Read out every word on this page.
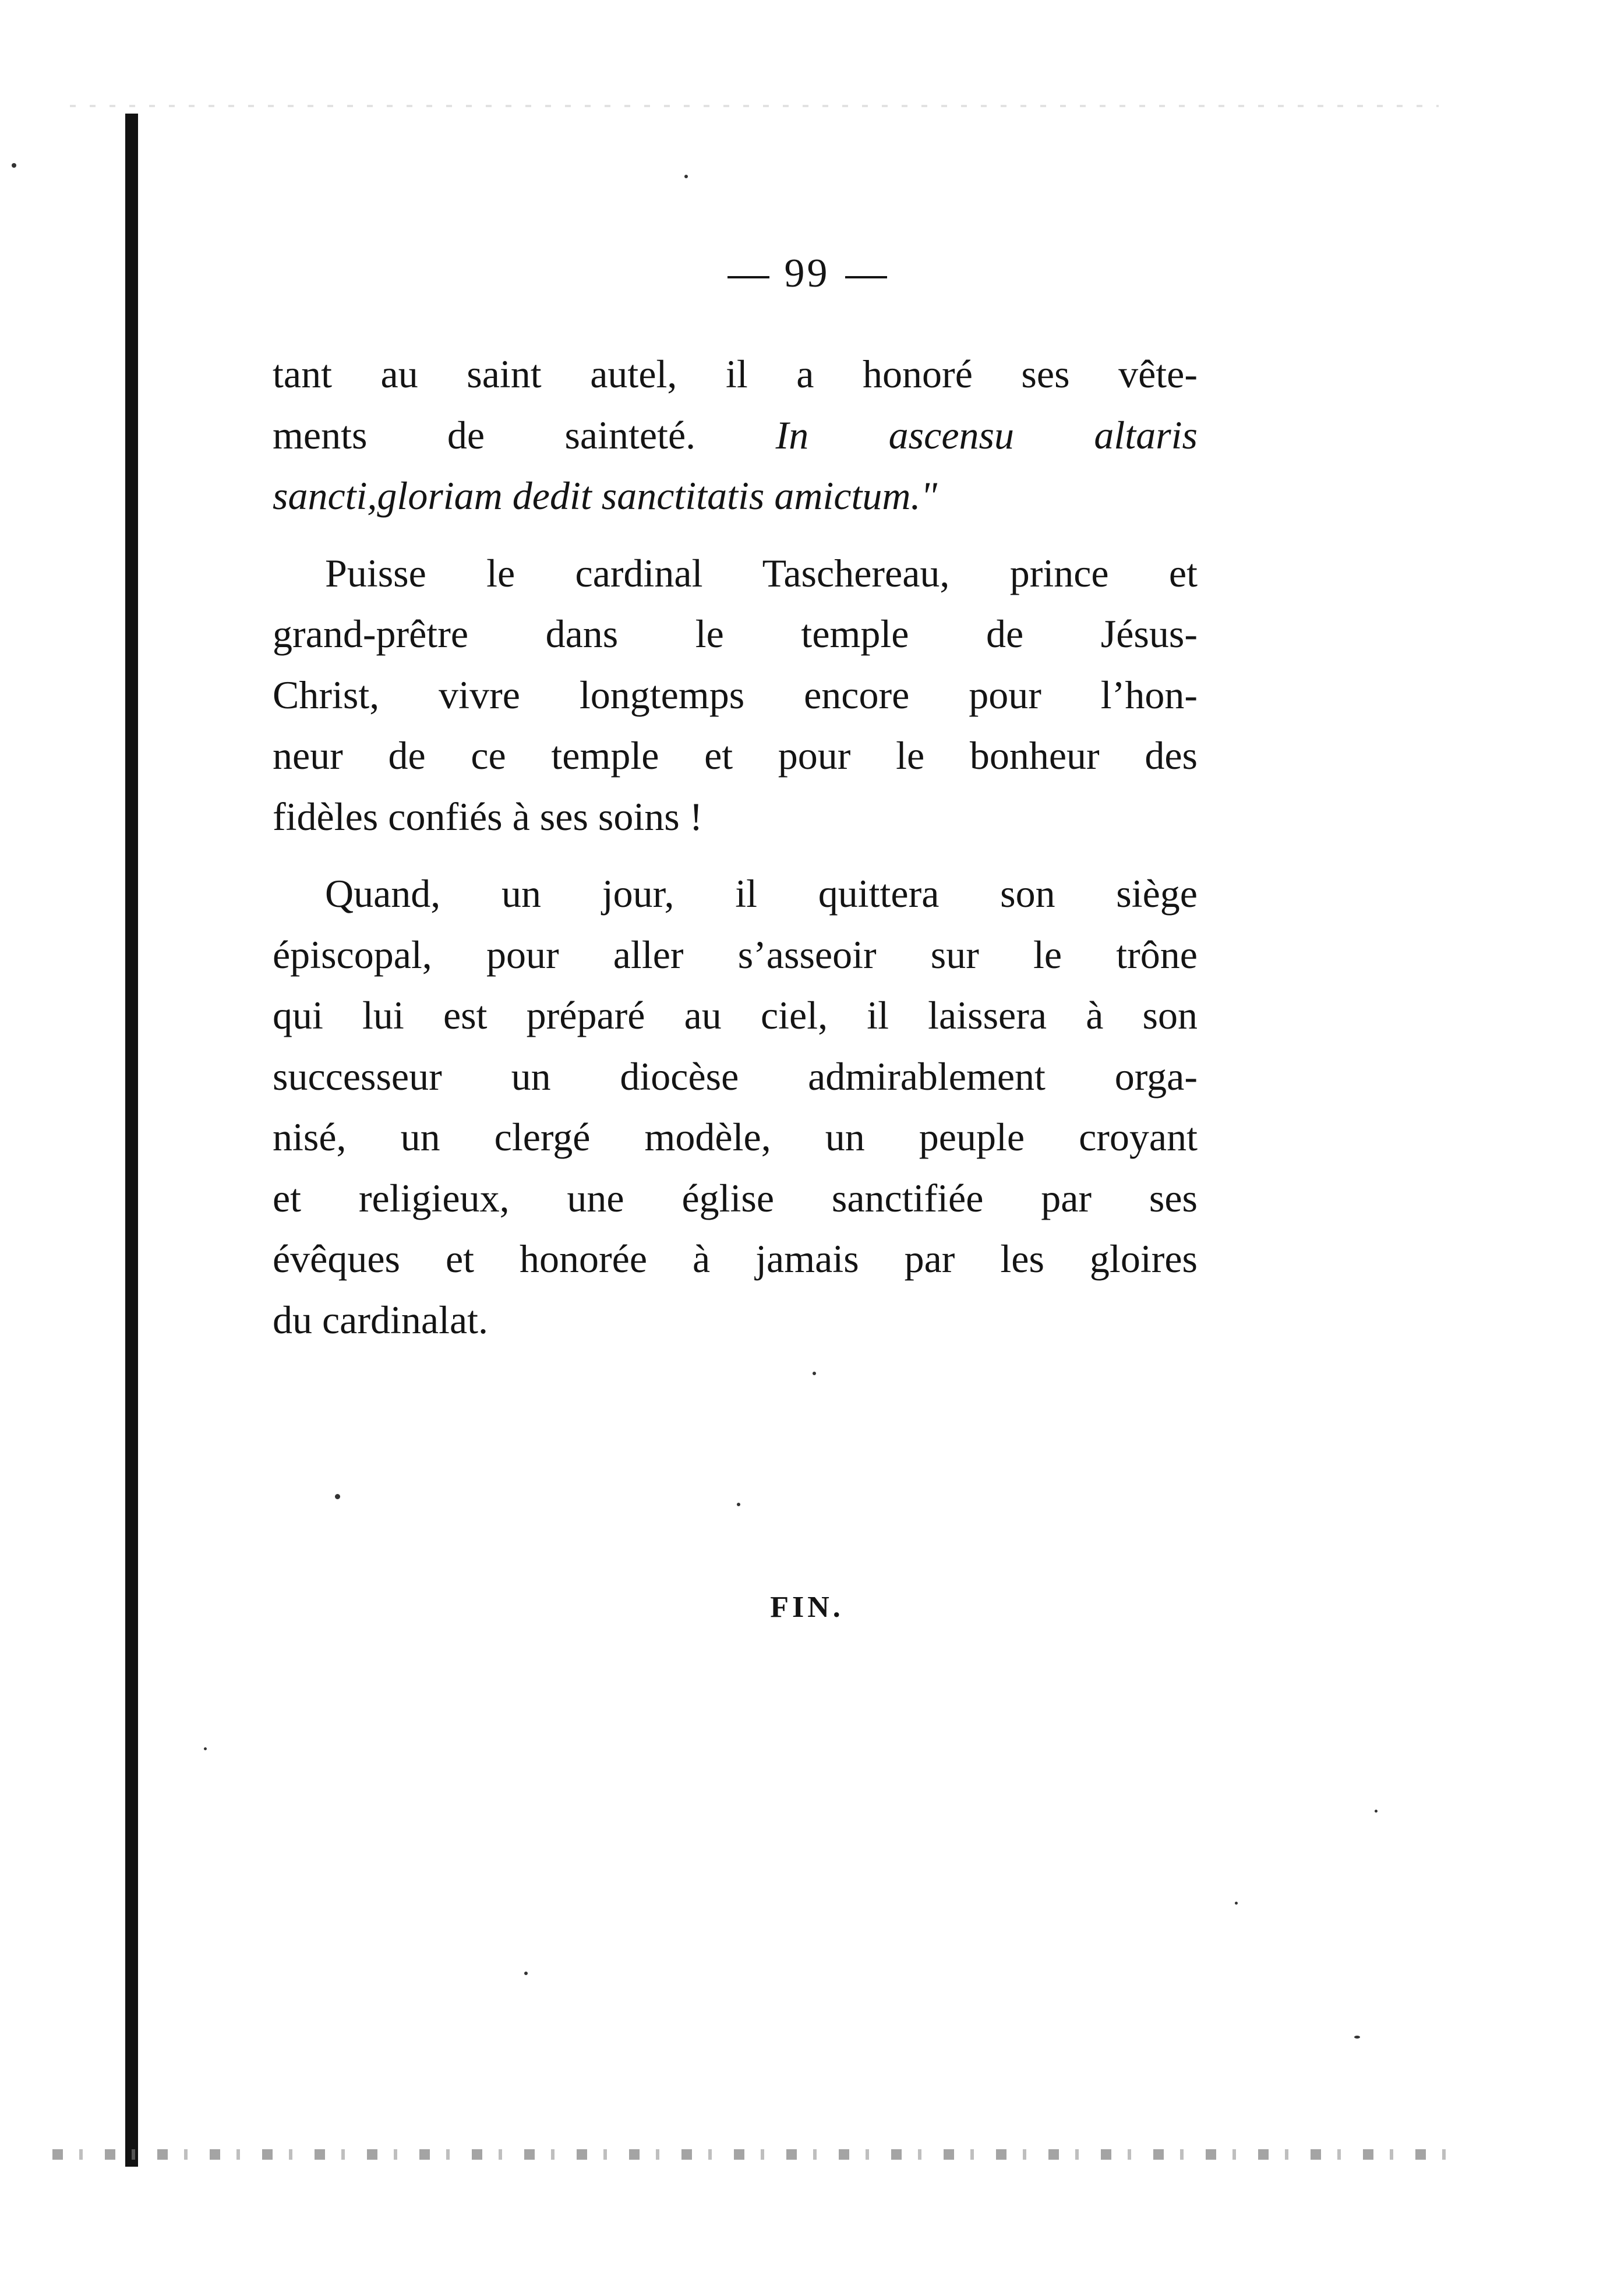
99
tant au saint autel, il a honoré ses vête-
ments de sainteté. In ascensu altaris
sancti,gloriam dedit sanctitatis amictum."
Puisse le cardinal Taschereau, prince et
grand-prêtre dans le temple de Jésus-
Christ, vivre longtemps encore pour l’hon-
neur de ce temple et pour le bonheur des
fidèles confiés à ses soins !
Quand, un jour, il quittera son siège
épiscopal, pour aller s’asseoir sur le trône
qui lui est préparé au ciel, il laissera à son
successeur un diocèse admirablement orga-
nisé, un clergé modèle, un peuple croyant
et religieux, une église sanctifiée par ses
évêques et honorée à jamais par les gloires
du cardinalat.
FIN.
